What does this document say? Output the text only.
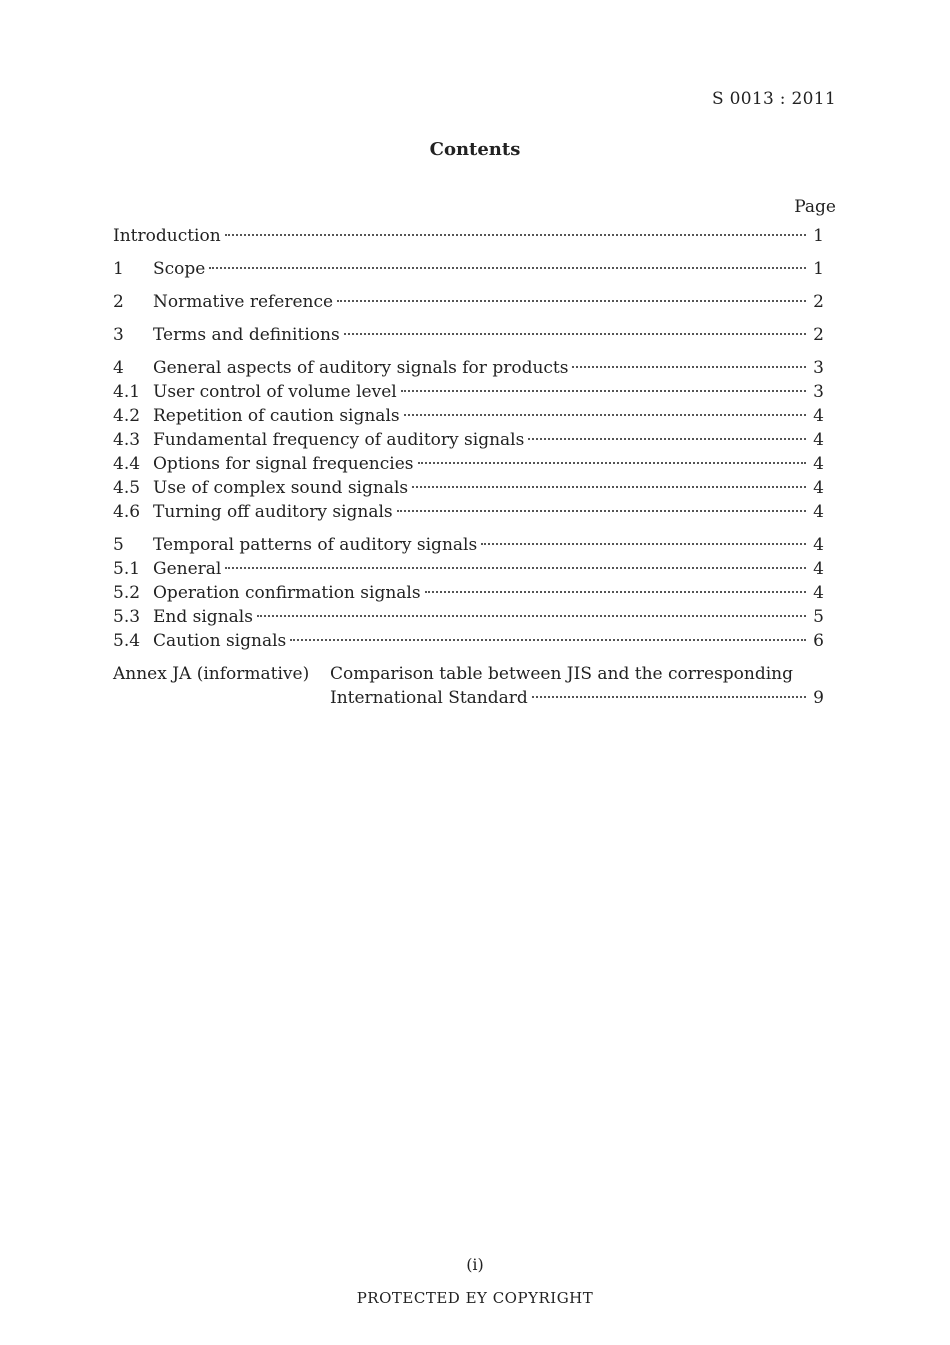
S 0013 : 2011
Contents
Page
Introduction	1
1	Scope	1
2	Normative reference	2
3	Terms and definitions	2
4	General aspects of auditory signals for products	3
4.1 User control of volume level	3
4.2 Repetition of caution signals	4
4.3 Fundamental frequency of auditory signals	4
4.4 Options for signal frequencies	4
4.5 Use of complex sound signals	4
4.6 Turning off auditory signals	4
5	Temporal patterns of auditory signals	4
5.1 General	4
5.2 Operation confirmation signals	4
5.3 End signals	5
5.4 Caution signals	6
Annex JA (informative)	Comparison table between JIS and the corresponding
International Standard	9
(i)
PROTECTED EY COPYRIGHT
